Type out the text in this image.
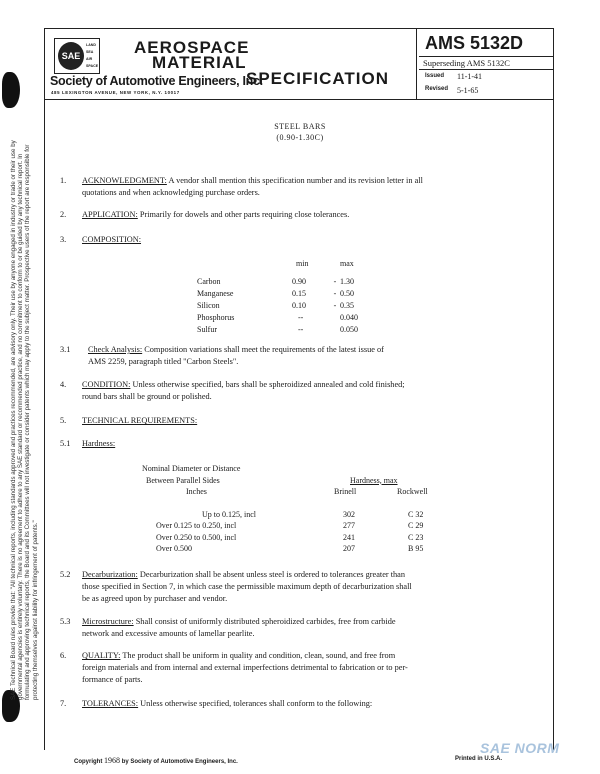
SAE Technical Board rules provide that: "All technical reports, including standards approved and practices recommended, are advisory only. Their use by anyone engaged in industry or trade or their use by governmental agencies is entirely voluntary. There is no agreement to adhere to any SAE standard or recommended practice, and no commitment to conform to or be guided by any technical report. In formulating and approving technical reports, the Board and its Committees will not investigate or consider patents which may apply to the subject matter. Prospective users of the report are responsible for protecting themselves against liability for infringement of patents."
SAE
LAND
SEA
AIR
SPACE
AEROSPACE
MATERIAL
SPECIFICATION
Society of Automotive Engineers, Inc.
485 LEXINGTON AVENUE, NEW YORK, N.Y. 10017
AMS 5132D
Superseding AMS 5132C
Issued 11-1-41
Revised 5-1-65
STEEL BARS
(0.90-1.30C)
1. ACKNOWLEDGMENT: A vendor shall mention this specification number and its revision letter in all
quotations and when acknowledging purchase orders.
2. APPLICATION: Primarily for dowels and other parts requiring close tolerances.
3. COMPOSITION:
min	max
Carbon	0.90	- 1.30
Manganese	0.15	- 0.50
Silicon	0.10	- 0.35
Phosphorus	--	0.040
Sulfur	--	0.050
3.1 Check Analysis: Composition variations shall meet the requirements of the latest issue of
AMS 2259, paragraph titled "Carbon Steels".
4. CONDITION: Unless otherwise specified, bars shall be spheroidized annealed and cold finished;
round bars shall be ground or polished.
5. TECHNICAL REQUIREMENTS:
5.1 Hardness:
Nominal Diameter or Distance
Between Parallel Sides	Hardness, max
Inches	Brinell	Rockwell
Up to 0.125, incl	302	C 32
Over 0.125 to 0.250, incl	277	C 29
Over 0.250 to 0.500, incl	241	C 23
Over 0.500	207	B 95
5.2 Decarburization: Decarburization shall be absent unless steel is ordered to tolerances greater than
those specified in Section 7, in which case the permissible maximum depth of decarburization shall
be as agreed upon by purchaser and vendor.
5.3 Microstructure: Shall consist of uniformly distributed spheroidized carbides, free from carbide
network and excessive amounts of lamellar pearlite.
6. QUALITY: The product shall be uniform in quality and condition, clean, sound, and free from
foreign materials and from internal and external imperfections detrimental to fabrication or to per-
formance of parts.
7. TOLERANCES: Unless otherwise specified, tolerances shall conform to the following:
Copyright 1968 by Society of Automotive Engineers, Inc.	Printed in U.S.A.
SAE NORM
